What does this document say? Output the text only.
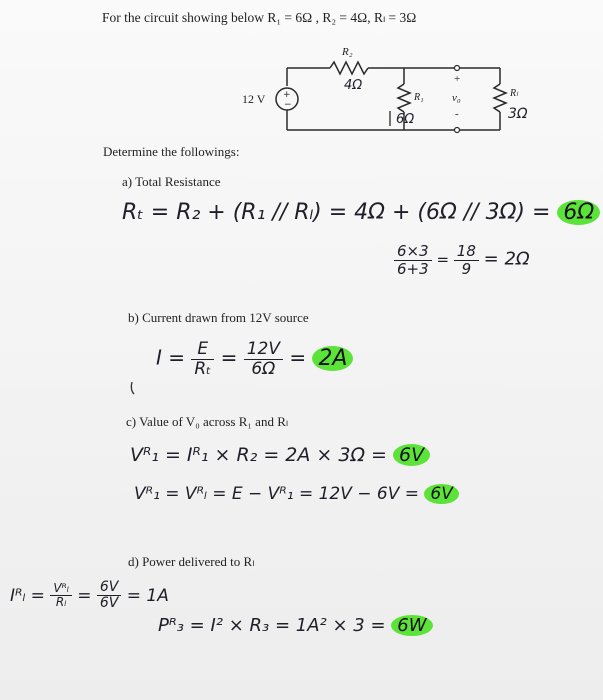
For the circuit showing below R₁ = 6Ω , R₂ = 4Ω, Rₗ = 3Ω
+
−
12 V
R₂
4Ω
R₁
6Ω
+
v₀
-
Rₗ
3Ω
Determine the followings:
a) Total Resistance
Rₜ = R₂ + (R₁ // Rₗ) = 4Ω + (6Ω // 3Ω) = 6Ω
$\frac{6\times 3}{6+3} = \frac{18}{9} = 2\Omega$
b) Current drawn from 12V source
$I = \frac{E}{\text{Rₜ}} = \frac{12V}{6\Omega} = 2A$
c) Value of V₀ across R₁ and Rₗ
Vᴿ₁ = Iᴿ₁ × R₂ = 2A × 3Ω = 6V
Vᴿ₁ = Vᴿₗ = E − Vᴿ₁ = 12V − 6V = 6V
d) Power delivered to Rₗ
Iᴿₗ = $\frac{\text{Vᴿₗ}}{\text{Rₗ}} = \frac{6V}{6V} = 1A$
Pᴿ₃ = I² × R₃ = 1A² × 3 = 6W
